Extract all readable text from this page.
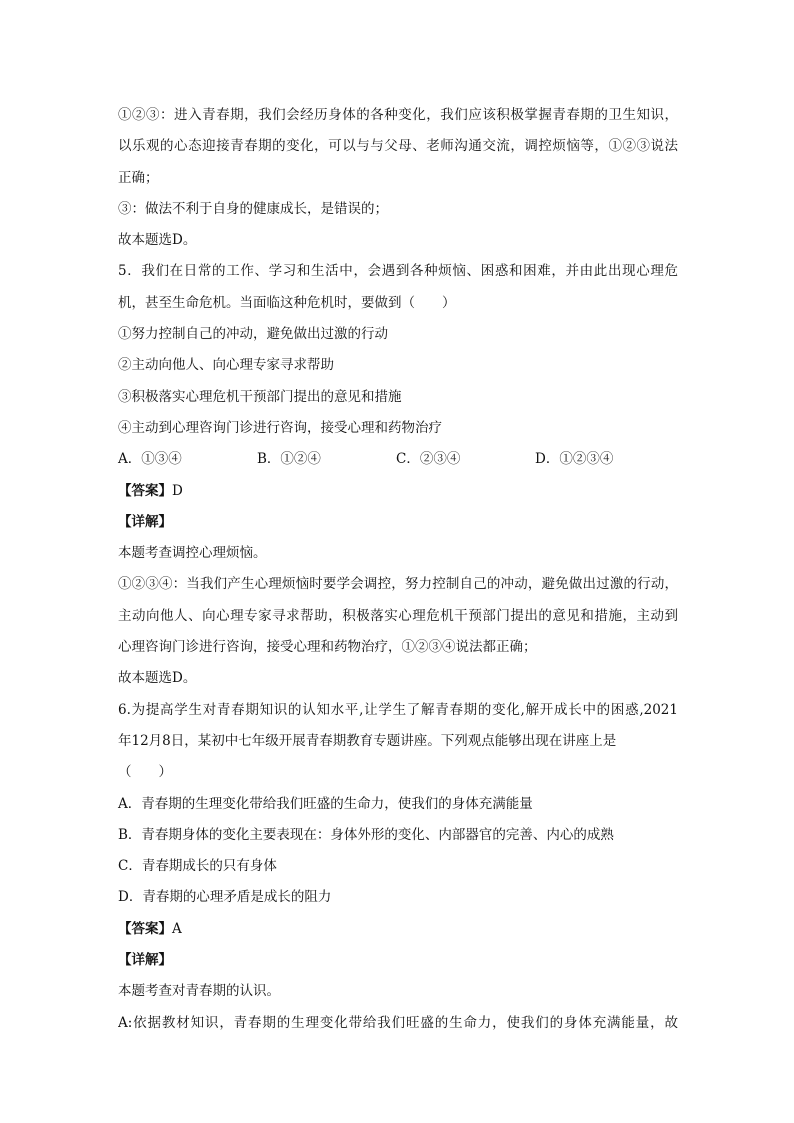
①②③：进入青春期，我们会经历身体的各种变化，我们应该积极掌握青春期的卫生知识，
以乐观的心态迎接青春期的变化，可以与与父母、老师沟通交流，调控烦恼等，①②③说法
正确；
③：做法不利于自身的健康成长，是错误的；
故本题选D。
5．我们在日常的工作、学习和生活中，会遇到各种烦恼、困惑和困难，并由此出现心理危
机，甚至生命危机。当面临这种危机时，要做到（　　）
①努力控制自己的冲动，避免做出过激的行动
②主动向他人、向心理专家寻求帮助
③积极落实心理危机干预部门提出的意见和措施
④主动到心理咨询门诊进行咨询，接受心理和药物治疗
A．①③④	B．①②④	C．②③④	D．①②③④
【答案】D
【详解】
本题考查调控心理烦恼。
①②③④：当我们产生心理烦恼时要学会调控，努力控制自己的冲动，避免做出过激的行动，
主动向他人、向心理专家寻求帮助，积极落实心理危机干预部门提出的意见和措施，主动到
心理咨询门诊进行咨询，接受心理和药物治疗，①②③④说法都正确；
故本题选D。
6.为提高学生对青春期知识的认知水平,让学生了解青春期的变化,解开成长中的困惑,2021
年12月8日，某初中七年级开展青春期教育专题讲座。下列观点能够出现在讲座上是
（　　）
A．青春期的生理变化带给我们旺盛的生命力，使我们的身体充满能量
B．青春期身体的变化主要表现在：身体外形的变化、内部器官的完善、内心的成熟
C．青春期成长的只有身体
D．青春期的心理矛盾是成长的阻力
【答案】A
【详解】
本题考查对青春期的认识。
A:依据教材知识，青春期的生理变化带给我们旺盛的生命力，使我们的身体充满能量，故
